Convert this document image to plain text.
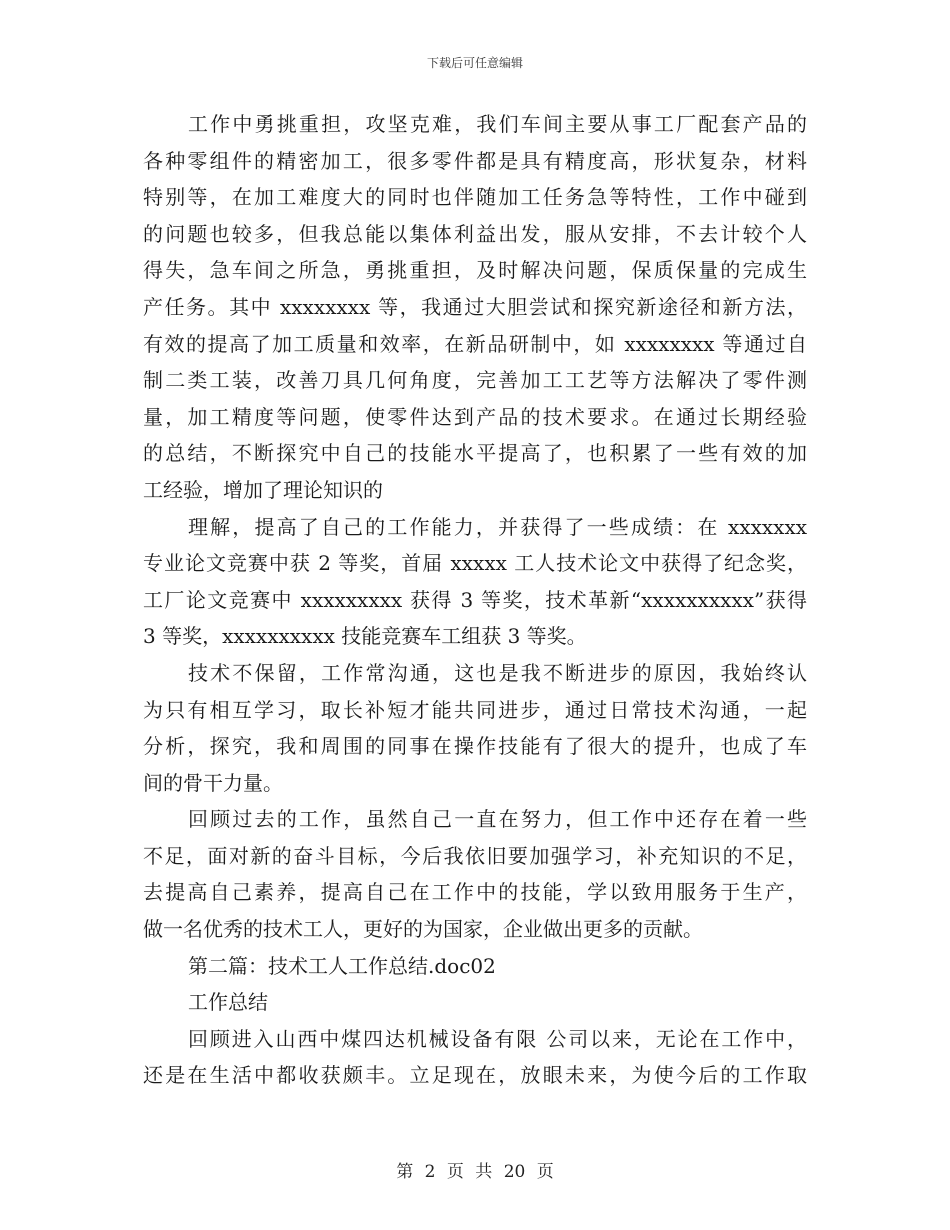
下载后可任意编辑
工作中勇挑重担，攻坚克难，我们车间主要从事工厂配套产品的
各种零组件的精密加工，很多零件都是具有精度高，形状复杂，材料
特别等，在加工难度大的同时也伴随加工任务急等特性，工作中碰到
的问题也较多，但我总能以集体利益出发，服从安排，不去计较个人
得失，急车间之所急，勇挑重担，及时解决问题，保质保量的完成生
产任务。其中 xxxxxxxx 等，我通过大胆尝试和探究新途径和新方法，
有效的提高了加工质量和效率，在新品研制中，如 xxxxxxxx 等通过自
制二类工装，改善刀具几何角度，完善加工工艺等方法解决了零件测
量，加工精度等问题，使零件达到产品的技术要求。在通过长期经验
的总结，不断探究中自己的技能水平提高了，也积累了一些有效的加
工经验，增加了理论知识的
理解，提高了自己的工作能力，并获得了一些成绩：在 xxxxxxx
专业论文竞赛中获 2 等奖，首届 xxxxx 工人技术论文中获得了纪念奖，
工厂论文竞赛中 xxxxxxxxx 获得 3 等奖，技术革新“xxxxxxxxxx”获得
3 等奖，xxxxxxxxxx 技能竞赛车工组获 3 等奖。
技术不保留，工作常沟通，这也是我不断进步的原因，我始终认
为只有相互学习，取长补短才能共同进步，通过日常技术沟通，一起
分析，探究，我和周围的同事在操作技能有了很大的提升，也成了车
间的骨干力量。
回顾过去的工作，虽然自己一直在努力，但工作中还存在着一些
不足，面对新的奋斗目标，今后我依旧要加强学习，补充知识的不足，
去提高自己素养，提高自己在工作中的技能，学以致用服务于生产，
做一名优秀的技术工人，更好的为国家，企业做出更多的贡献。
第二篇：技术工人工作总结.doc02
工作总结
回顾进入山西中煤四达机械设备有限 公司以来，无论在工作中，
还是在生活中都收获颇丰。立足现在，放眼未来，为使今后的工作取
第 2 页 共 20 页
